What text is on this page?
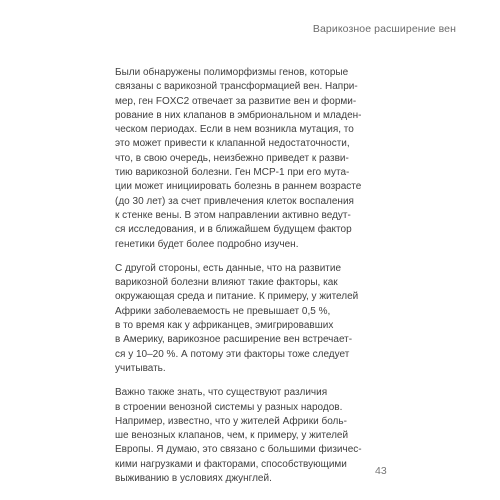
Варикозное расширение вен
Были обнаружены полиморфизмы генов, которые
связаны с варикозной трансформацией вен. Напри-
мер, ген FOXC2 отвечает за развитие вен и форми-
рование в них клапанов в эмбриональном и младен-
ческом периодах. Если в нем возникла мутация, то
это может привести к клапанной недостаточности,
что, в свою очередь, неизбежно приведет к разви-
тию варикозной болезни. Ген MCP-1 при его мута-
ции может инициировать болезнь в раннем возрасте
(до 30 лет) за счет привлечения клеток воспаления
к стенке вены. В этом направлении активно ведут-
ся исследования, и в ближайшем будущем фактор
генетики будет более подробно изучен.
С другой стороны, есть данные, что на развитие
варикозной болезни влияют такие факторы, как
окружающая среда и питание. К примеру, у жителей
Африки заболеваемость не превышает 0,5 %,
в то время как у африканцев, эмигрировавших
в Америку, варикозное расширение вен встречает-
ся у 10–20 %. А потому эти факторы тоже следует
учитывать.
Важно также знать, что существуют различия
в строении венозной системы у разных народов.
Например, известно, что у жителей Африки боль-
ше венозных клапанов, чем, к примеру, у жителей
Европы. Я думаю, это связано с большими физичес-
кими нагрузками и факторами, способствующими
выживанию в условиях джунглей.
43
